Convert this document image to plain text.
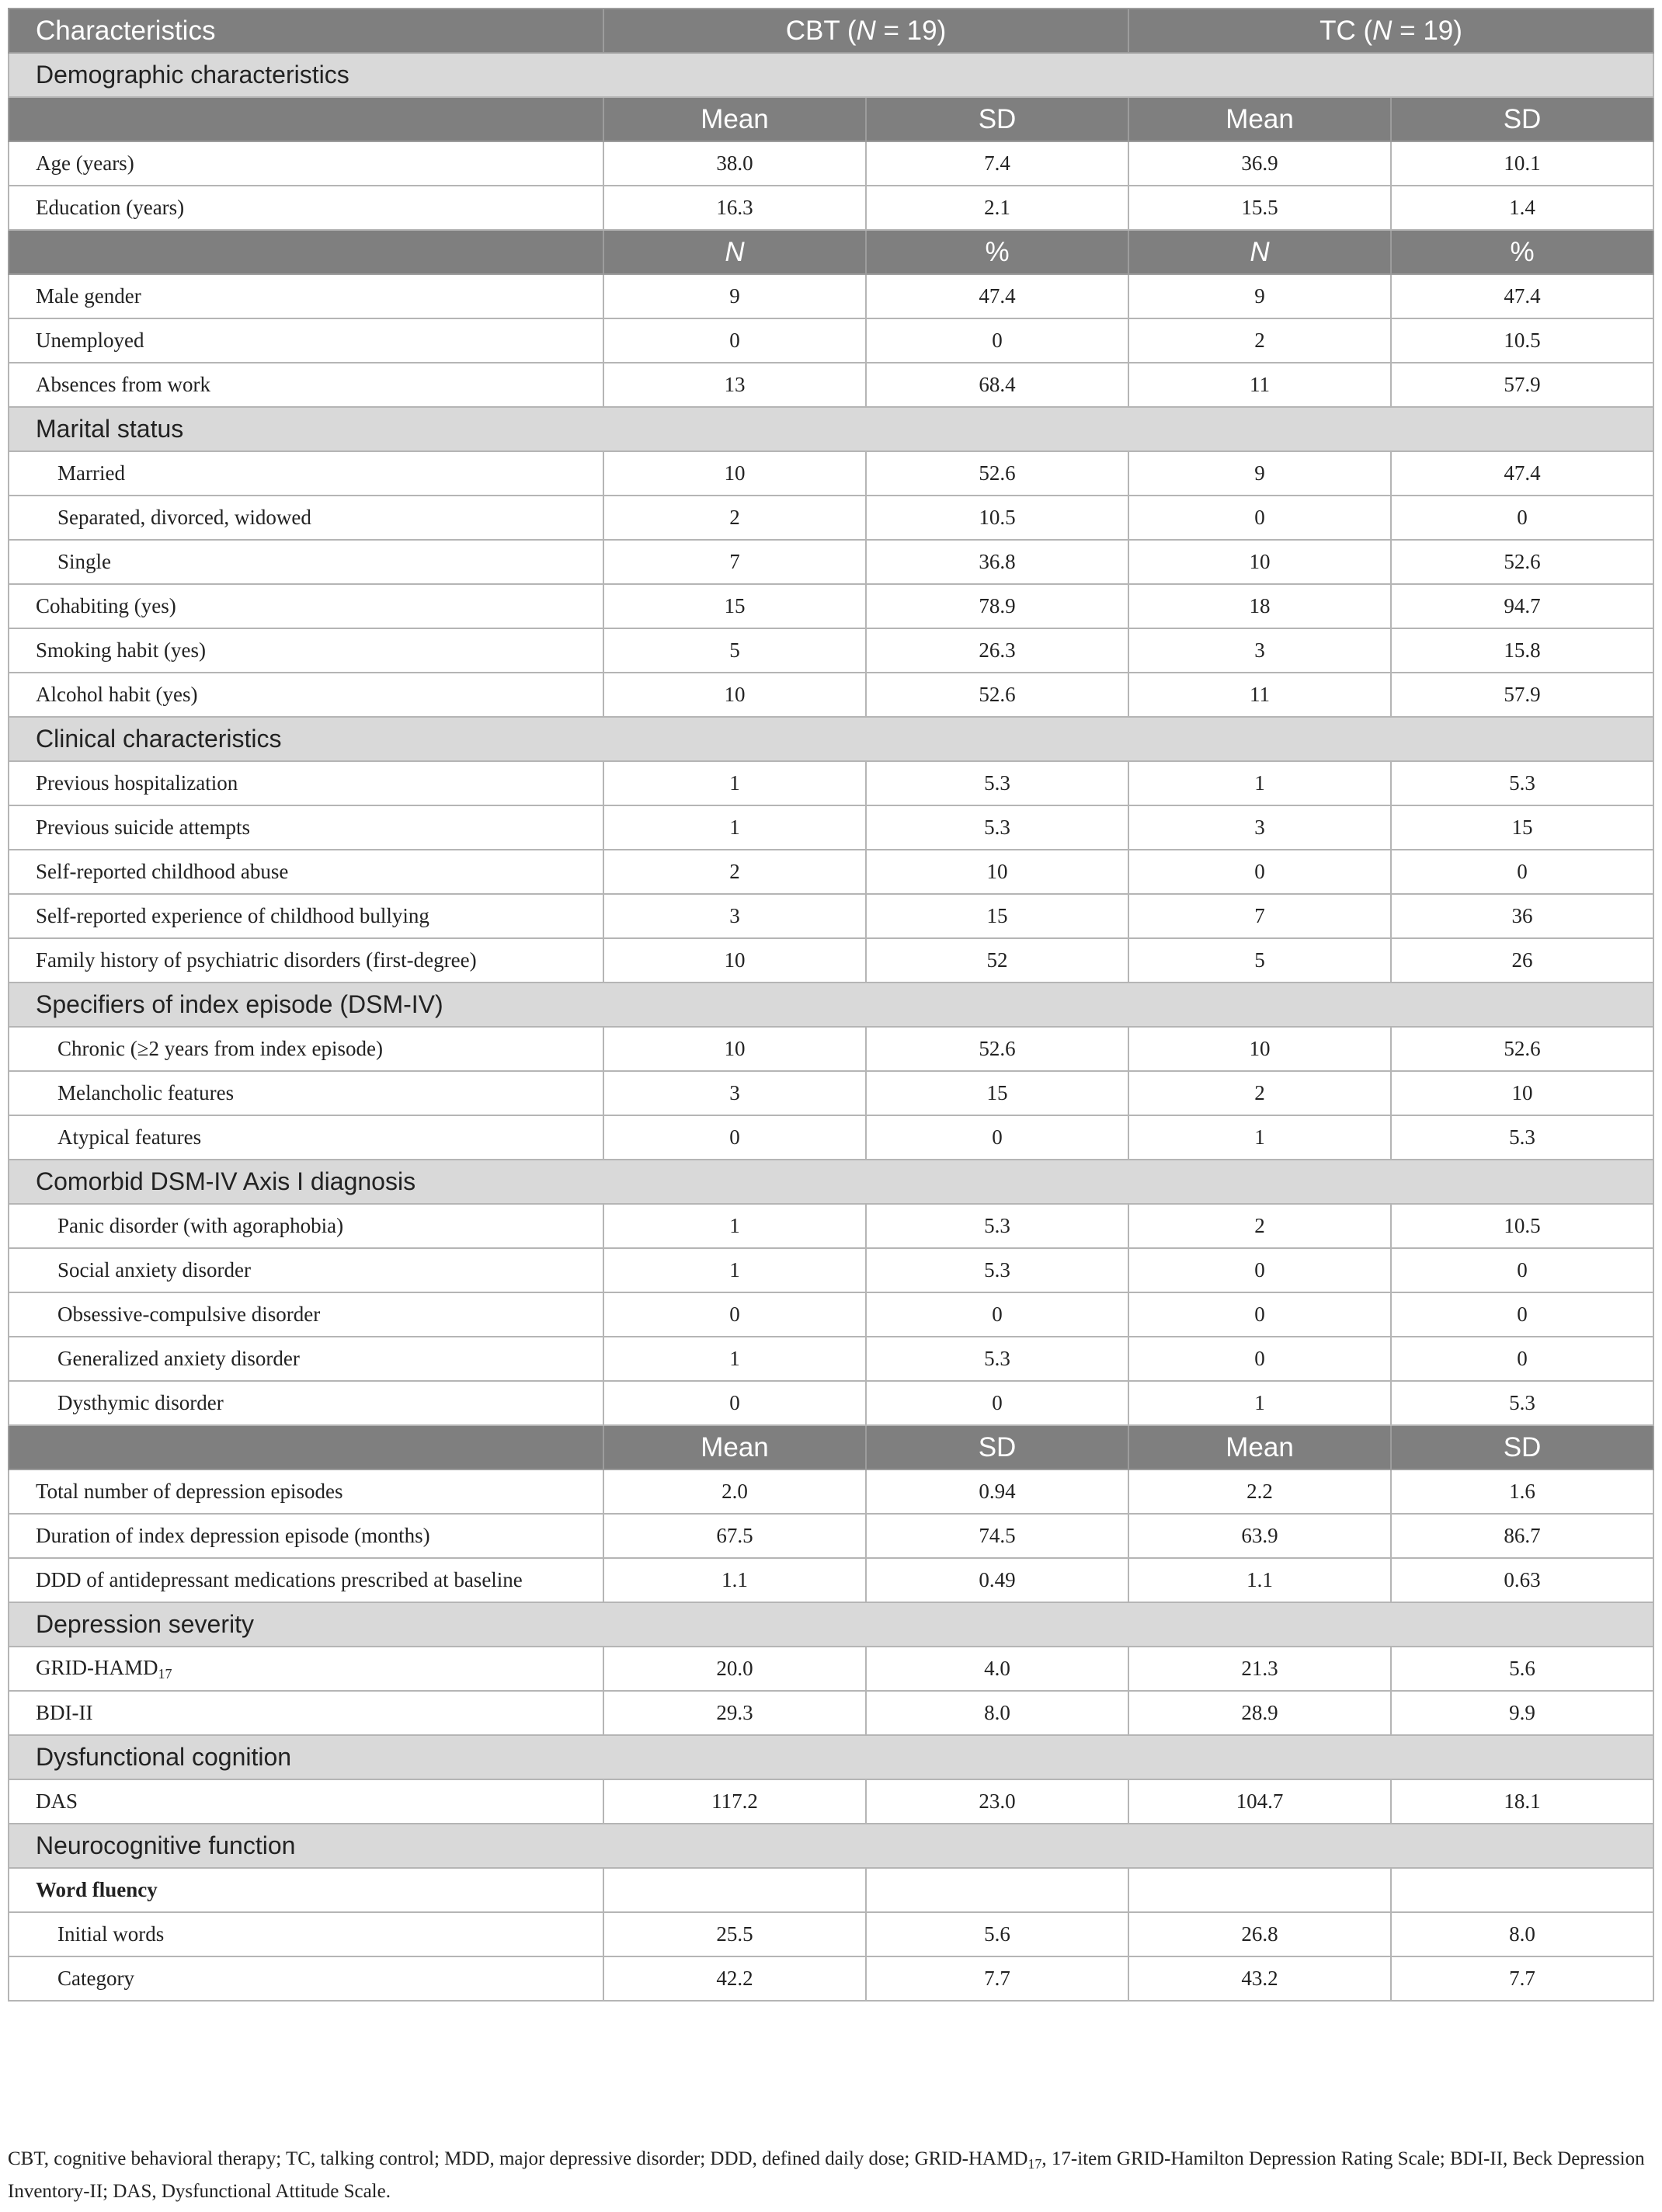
Characteristics	CBT (N = 19)		TC (N = 19)	
Demographic characteristics				
	Mean	SD	Mean	SD
Age (years)	38.0	7.4	36.9	10.1
Education (years)	16.3	2.1	15.5	1.4
	N	%	N	%
Male gender	9	47.4	9	47.4
Unemployed	0	0	2	10.5
Absences from work	13	68.4	11	57.9
Marital status				
Married	10	52.6	9	47.4
Separated, divorced, widowed	2	10.5	0	0
Single	7	36.8	10	52.6
Cohabiting (yes)	15	78.9	18	94.7
Smoking habit (yes)	5	26.3	3	15.8
Alcohol habit (yes)	10	52.6	11	57.9
Clinical characteristics				
Previous hospitalization	1	5.3	1	5.3
Previous suicide attempts	1	5.3	3	15
Self-reported childhood abuse	2	10	0	0
Self-reported experience of childhood bullying	3	15	7	36
Family history of psychiatric disorders (first-degree)	10	52	5	26
Specifiers of index episode (DSM-IV)				
Chronic (≥2 years from index episode)	10	52.6	10	52.6
Melancholic features	3	15	2	10
Atypical features	0	0	1	5.3
Comorbid DSM-IV Axis I diagnosis				
Panic disorder (with agoraphobia)	1	5.3	2	10.5
Social anxiety disorder	1	5.3	0	0
Obsessive-compulsive disorder	0	0	0	0
Generalized anxiety disorder	1	5.3	0	0
Dysthymic disorder	0	0	1	5.3
	Mean	SD	Mean	SD
Total number of depression episodes	2.0	0.94	2.2	1.6
Duration of index depression episode (months)	67.5	74.5	63.9	86.7
DDD of antidepressant medications prescribed at baseline	1.1	0.49	1.1	0.63
Depression severity				
GRID-HAMD17	20.0	4.0	21.3	5.6
BDI-II	29.3	8.0	28.9	9.9
Dysfunctional cognition				
DAS	117.2	23.0	104.7	18.1
Neurocognitive function				
Word fluency				
Initial words	25.5	5.6	26.8	8.0
Category	42.2	7.7	43.2	7.7
CBT, cognitive behavioral therapy; TC, talking control; MDD, major depressive disorder; DDD, defined daily dose; GRID-$HAMD_{17}$, 17-item GRID-Hamilton Depression Rating Scale; BDI-II, Beck Depression Inventory-II; DAS, Dysfunctional Attitude Scale.
